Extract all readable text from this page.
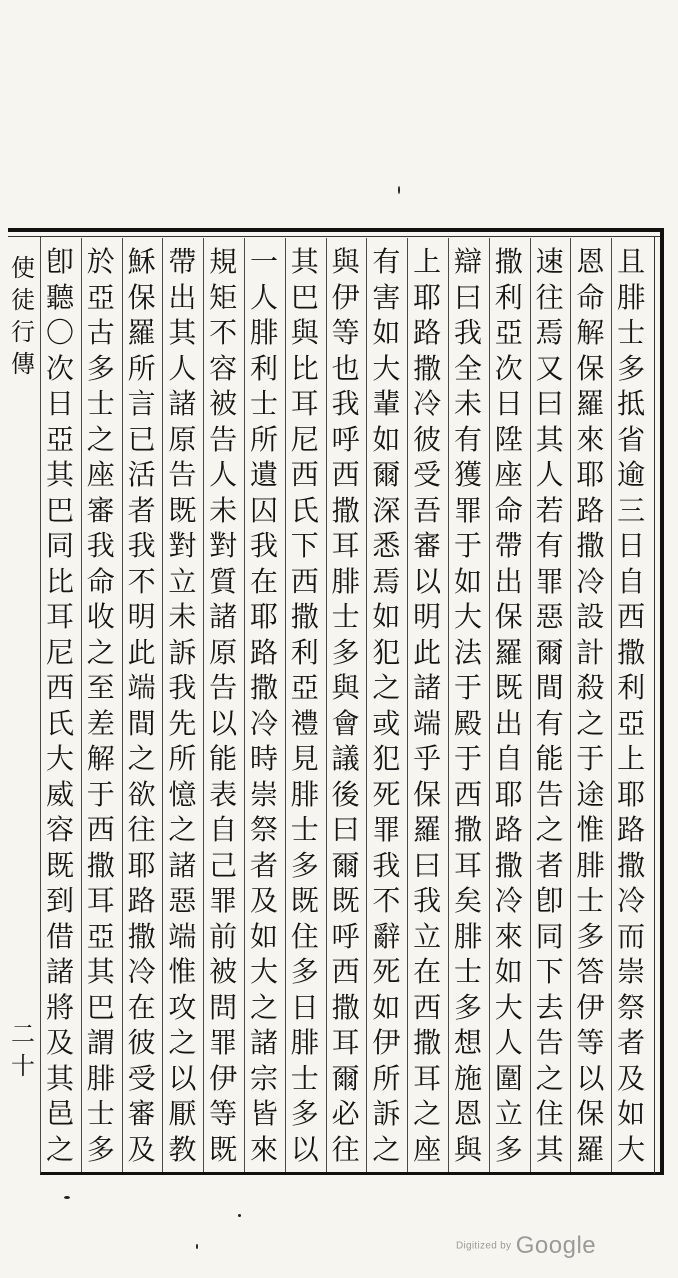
使徒行傳
二十
且腓士多抵省逾三日自西撒利亞上耶路撒冷而崇祭者及如大
恩命解保羅來耶路撒冷設計殺之于途惟腓士多答伊等以保羅
速往焉又曰其人若有罪惡爾間有能告之者卽同下去告之住其
撒利亞次日陞座命帶出保羅既出自耶路撒冷來如大人圍立多
辯曰我全未有獲罪于如大法于殿于西撒耳矣腓士多想施恩與
上耶路撒冷彼受吾審以明此諸端乎保羅曰我立在西撒耳之座
有害如大輩如爾深悉焉如犯之或犯死罪我不辭死如伊所訴之
與伊等也我呼西撒耳腓士多與會議後曰爾既呼西撒耳爾必往
其巴與比耳尼西氏下西撒利亞禮見腓士多既住多日腓士多以
一人腓利士所遺囚我在耶路撒冷時崇祭者及如大之諸宗皆來
規矩不容被告人未對質諸原告以能表自己罪前被問罪伊等既
帶出其人諸原告既對立未訴我先所憶之諸惡端惟攻之以厭教
穌保羅所言已活者我不明此端間之欲往耶路撒冷在彼受審及
於亞古多士之座審我命收之至差解于西撒耳亞其巴謂腓士多
卽聽〇次日亞其巴同比耳尼西氏大威容既到借諸將及其邑之
Digitized by Google
